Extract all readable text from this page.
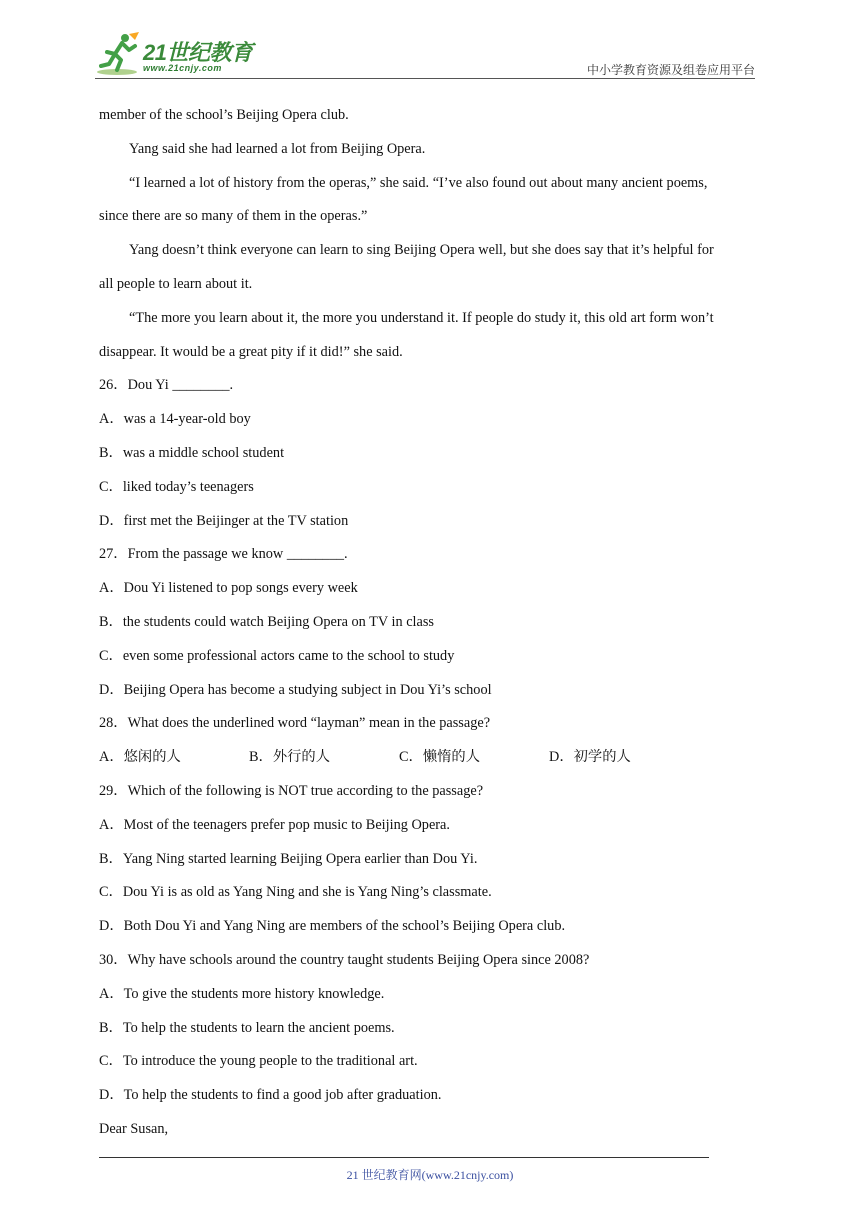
21世纪教育
www.21cnjy.com	中小学教育资源及组卷应用平台
member of the school’s Beijing Opera club.
Yang said she had learned a lot from Beijing Opera.
“I learned a lot of history from the operas,” she said. “I’ve also found out about many ancient poems,
since there are so many of them in the operas.”
Yang doesn’t think everyone can learn to sing Beijing Opera well, but she does say that it’s helpful for
all people to learn about it.
“The more you learn about it, the more you understand it. If people do study it, this old art form won’t
disappear. It would be a great pity if it did!” she said.
26．Dou Yi ________.
A．was a 14-year-old boy
B．was a middle school student
C．liked today’s teenagers
D．first met the Beijinger at the TV station
27．From the passage we know ________.
A．Dou Yi listened to pop songs every week
B．the students could watch Beijing Opera on TV in class
C．even some professional actors came to the school to study
D．Beijing Opera has become a studying subject in Dou Yi’s school
28．What does the underlined word “layman” mean in the passage?
A．悠闲的人	B．外行的人	C．懒惰的人	D．初学的人
29．Which of the following is NOT true according to the passage?
A．Most of the teenagers prefer pop music to Beijing Opera.
B．Yang Ning started learning Beijing Opera earlier than Dou Yi.
C．Dou Yi is as old as Yang Ning and she is Yang Ning’s classmate.
D．Both Dou Yi and Yang Ning are members of the school’s Beijing Opera club.
30．Why have schools around the country taught students Beijing Opera since 2008?
A．To give the students more history knowledge.
B．To help the students to learn the ancient poems.
C．To introduce the young people to the traditional art.
D．To help the students to find a good job after graduation.
Dear Susan,
21 世纪教育网(www.21cnjy.com)
